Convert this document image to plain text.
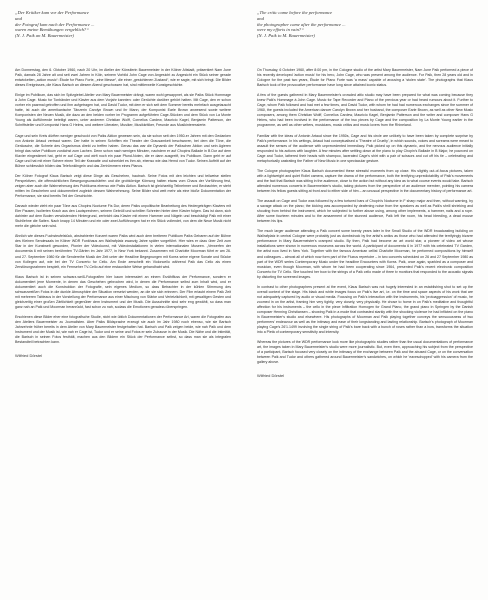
„Der Kritiker kam vor der Performance
und
der Fotograf kam nach der Performance ...
waren meine Bemühungen vergeblich?“
(N. J. Paik an M. Bauermeister)

Am Donnerstag, den 6. Oktober 1960, nach 20 Uhr, im Atelier der Künstlerin Bauermeister in der Kölner Altstadt, präsentiert Nam June Paik, damals 28 Jahre alt und seit zwei Jahren in Köln, seinem Vorbild John Cage von Angesicht zu Angesicht ein Stück seiner gerade entwickelten „action music“: Étude for Piano Forte, „eine Messe“, die einer „gestohlenen Zustand“, wie er sagte, mit sich bringt. Die Bilder dieses Ereignisses, die Klaus Barisch an diesem Abend geschossen hat, sind mittlerweile Kunstgeschichte.

Einige im Publikum, das sich im Spitzgiebel-Atelier von Mary Bauermeister drängt, waren wohl gewappnet, als sie Paiks Stück Hommage à John Cage. Music for Tonbänder und Klavier aus dem Vorjahr kannten: oder Gerüchte darüber gehört hatten. Mit Cage, den er schon vorher ein paarmal getroffen und ihm aufgetragen hat, und David Tudor, mit dem er sich seit dem Sommer bereits mehrfach ausgetauscht hatte, ist auch die amerikanische Tänzerin Carolyn Brown und ihr Mann, der Komponist Earle Brown anwesend sowie weitere Komponisten der Neuen Musik, die dazu an den beiden vorher im Programm aufgeführten Cage-Stücken und dem Stück von La Monte Young als Aufführende beteiligt waren, unter anderem Christian Wolff, Cornelius Cardew, Mauricio Kagel, Benjamin Patterson, der Schriftsteller und Komponist Hans G Helms, und weitere Literaten, Musiker, Musikkritiker, Freunde aus Musikinteressierte.

Cage und sein Kreis dürften weniger geschockt von Paiks Aktion gewesen sein, da sie schon seit den 1950-er Jahren mit den Gedanken von Antonin Artaud vertraut waren. Der hatte in seinen Schriften ein Theater der Grausamkeit beschworen, bei dem die Töne, die Geräusche, die Schreie des Organismus direkt zu treffen haben. Genau das war die Dynamik der Paikschen Aktion und sein Agieren bringt das naïve Publikum zunächst zum Lachen. Denn schon nach wenigen Minuten, nachdem er auf Chopins Ballade in B Dur auf dem Klavier eingestimmt hat, geht er auf Cage und wirft noch ein paar Pfund-Noten, die er dann ausgreift, ins Publikum. Dann geht er auf Cage und hat mit einer Schere einen Teil der Krawatte und schneidet es ihm ab, ebenso wie das Hemd von Tudor. Seinen Auftritt auf der Bühne schliesslich bilden das Telefonklingeln und das Zertrümmern eines Pianos.

Der Kölner Fotograf Klaus Barisch zeigt diese Dinge als Geschehen, hautnah. Seine Fotos mit den leichten und teilweise steilen Perspektiven, die offensichtlichen Bewegungsunschärfen und die grobkörnige Körnung halten etwas vom Chaos der Vorführung fest, zeigen aber auch die Wahrnehmung des Publikums ebenso wie Paiks Aktion. Barisch ist gleichzeitig Teilnehmer und Beobachter, er steht mitten im Geschehen und dokumentiert zugleich dessen Wahrnehmung. Seine Bilder sind weit mehr als eine bloße Dokumentation der Performance, sie sind bereits Teil der Geschichte.

Danach wieder zieht ein paar Töne aus Chopins Nocturne Fis Dur, deren Paiks unpolitische Bearbeitung des Hedergeträgen Klaviers mit Eier Pausen, Isolierten Krach aus den Lautsprechern, seinem Gebrüll und schrillen Schreien hinter dem Klavier folgen. Das ist dann, sich dahinter auf dem Boden verwüstenden Hintergrund, zerbricht das Klavier mit einem Hammer und Nägeln und beschädigt Paik mit einer Stuhllehne die Saiten. Nach knapp 14 Minuten und ein oder zwei Aufführungen hat er ein Stück vollendet, von dem die Neue Musik nicht mehr die gleiche sein wird.

Ähnlich wie dieses Fuchsteufelstück, abstrahierter Konzert waren Paiks wird auch dem breiteren Publikum Paiks Gebaren auf der Bühne des Kleinen Sendesaals im Kölner WDR Funkhaus am Wallrafplatz zwanzig Jahre später vorgeführt. Hier wies er dazu über Zeit zum Star in der Kunstwelt geworden, Pionier der Videokunst, mit Videoinstallationen in vielen internationalen Museen. „Verwerfen der documenta 6 mit seinen berühmten TV-Gärten im Jahr 1977, in New York bekannt. Zusammen mit Charlotte Moorman führt er am 26. und 27. September 1980 für die Sendereihe Musik der Zeit unter der Headline Begegnungen mit Korea seine eigene Sonate und Stücke von Kollegen auf, wie bei der TV Concerto for Cello. Am Ende zerschellt ein Violoncello während Paik das Cello als einen Zerstörungsrahmen bespielt, ein Fernseher TV-Cello auf eine erstaunliche Weise gehandhabt wird.

Klaus Barisch ist in seinen schwarz-weiß-Fotografien hier kaum interessiert an einem Erzählfluss der Performance, sondern er dokumentiert jene Momente, in denen das Geschehen gebrochen wird, in denen die Performance selbst zum Inhalt wird, und er dokumentiert auch die Konstruktion der Fotografie, sein eigenes Medium, so dass Betrachter in der kühlen Stimmung des schwarzweißen Fotos in die dunkle Atmosphäre der Situation versetzt werden, an die sie sich erinnern. Der Film erlaubt einem Paik Zeit mit mehreren Tableaus in der Vorstellung der Performance aus einer Mischung von Stärke und Verletzlichkeit, mit gewaltigen Gesten und gleichzeitig einer großen Zärtlichkeit gegenüber dem Instrument und der Musik. Die Ausschnitte sind sehr eng gewählt, so dass man ganz nah an Paik und Moorman heranrückt, fast schon zu nah, sodass die Emotionen geradezu überspringen.

Erschienen diese Bilder eher eine fotografische Studie, nicht wie üblich Dokumentationen der Performance Art, waren die Fotografen aus den Ateliers Bauermeister zu Journalisten. Aber Paiks Bildsprache erzeugt sie auch im Jahr 1980 noch ebenso, wie sie Barisch Jahrzehnte früher bereits in dem Atelier von Mary Bauermeister festgehalten hat. Barisch und Paik zeigen beide, wie nah Paik und dem Instrument und der Musik ist, wie nah er Cage ist, Tudor und er seine und Fotos er sein Zuhause in der Musik. Die Nähe und die Intimität, die Barisch in seinen Fotos festhält, machen aus den Bildern ein Stück der Performance selbst, so dass man sie als integralen Bestandteil betrachten kann.

Wilfried Dörstel
„The critic came before the performance
and
the photographer came after the performance ...
were my efforts in vain?“
(N. J. Paik to M. Bauermeister)

On Thursday, 6 October 1960, after 8:00 pm, in the Cologne studio of the artist Mary Bauermeister, Nam June Paik performed a piece of his recently developed 'action music' for his hero, John Cage, who was present among the audience. For Paik, then 28 years old and in Cologne for the past two years, Étude for Piano Forte was 'a mass' capable of arousing a 'stolen state'. The photographs that Klaus Barisch took of the provocative performance have long since attained iconic status.

A few of the guests gathered in Mary Bauermeister's crowded attic studio may have been prepared for what was coming because they knew Paik's Hommage à John Cage. Music for Tape Recorder and Piano of the previous year or had heard rumours about it. Further to Cage, whom Paik followed and had met a few times, and David Tudor, with whom he had had numerous exchanges since the summer of 1960, the guests included the American dancer Carolyn Brown and her husband, the composer Earle Brown, as well as other New Music composers, among them Christian Wolff, Cornelius Cardew, Mauricio Kagel, Benjamin Patterson and the writer and composer Hans G Helms, who had been involved in the performance of the two pieces by Cage and the composition by La Monte Young earlier in the programme, as well as other writers, musicians, music critics and music lovers from the Rhineland.

Familiar with the ideas of Antonin Artaud since the 1950s, Cage and his circle are unlikely to have been taken by complete surprise by Paik's performance. In his writings, Artaud had conceptualised a 'Theatre of Cruelty', in which sounds, voices and screams were meant to assault the senses of the audience with unprecedented immediacy. Paik picked up on this dynamic, and the nervous audience initially responded to his actions with laughter. A few minutes after settling down at the piano to play Chopin's Ballade in B Major, he pounced on Cage and Tudor, lathered their heads with shampoo, lacerated Cage's shirt with a pair of scissors and cut off his tie – celebrating and metaphorically castrating the Father of New Music in one spectacular gesture.

The Cologne photographer Klaus Barisch documented these stressful moments from up close. His slightly out-of-focus pictures, taken with a lightweight and quiet Rollei camera, capture the drama of the performance, both the terrifying unpredictability of Paik's movements and the fact that Barisch was sitting in the audience, close to the action but without any idea as to what course events would take. Barisch attended numerous concerts in Bauermeister's studio, taking pictures from the perspective of an audience member, pointing his camera between his fellow guests sitting at front and to either side of him – an unusual perspective in the documentary history of performance art.

The assault on Cage and Tudor was followed by a few tortured bars of Chopin's Nocturne in F sharp major and then, without warning, by a savage attack on the piano; the kicking was accompanied by deafening noise from the speakers as well as Paik's shrill shrieking and shouting from behind the instrument, which he subjected to further abuse using, among other implements, a hammer, nails and a rope. After some fourteen minutes and to the amazement of the stunned audience, Paik left the room, his head bleeding, a dead mouse between his lips.

The much larger audience attending a Paik concert some twenty years later in the Small Studio of the WDR broadcasting building on Wallrafplatz in central Cologne were probably just as dumbstruck by the artist's antics as those who had attended the terrifyingly bizarre performance in Mary Bauermeister's cramped studio. By then, Paik had become an art world star, a pioneer of video art whose installations were shown in numerous museums across the world. A participant of documenta 6 in 1977 with his celebrated TV Garden, the artist now lived in New York. Together with the famous American cellist Charlotte Moorman, he performed compositions by himself and colleagues – almost all of which now form part of the Fluxus repertoire – in two concerts scheduled on 26 and 27 September 1980 as part of the WDR series Contemporary Music under the headline Encounters with Korea. Paik, once again, sparkled as a composer and musician, even though Moorman, with whom he had been cooperating since 1964, presented Paik's recent electronic composition Concerto for TV Cello. She touched her bow to the strings of a Paik cello made of three tv monitors that responded to the acoustic signals by distorting the screened images.

In contrast to other photographers present at the event, Klaus Barisch was not hugely interested in an establishing shot to set up the overall context of the stage. His black and white images focus on Paik's live art, i.e. on the time and space aspects of his work that are not adequately captured by audio or visual media. Focusing on Paik's interaction with the instruments, his 'protoaggression' of music, he zoomed in on the artist, framing him very tightly, very closely, very physically. He chose to home in on Paik's meditative and thoughtful affection for his instruments – the cello in the piece Infiltration Homogen for Grand Piano, the grand piano in Springen by the Danish composer Henning Christiansen – showing Paik in a mode that contrasted starkly with the shocking violence he had inflicted on the piano in Bauermeister's studio and elsewhere. His photographs of Moorman and Paik playing together conveys the sensuousness of two performers' endeavour as well as the intimacy and ease of their longstanding and lasting relationship. Barisch's photograph of Moorman playing Cage's 26'1.1499 involving the single string of Paik's bare back with a bunch of roses rather than a bow, transforms the situation into a Pietà of contemporary sensitivity and intensity.

Whereas the pictures of the WDR performance look more like photographic studies rather than the usual documentations of performance art, the images taken in Mary Bauermeister's studio were more journalistic. But, even then, approaching his subject from the perspective of a participant, Barisch focused very closely on the intimacy of the exchange between Paik and the abused Cage, or on the conversation between Paik and Tudor and others gathered around Bauermeister's sandwiches, on which he 'eavesdropped' with his camera from the gallery above.

Wilfried Dörstel
